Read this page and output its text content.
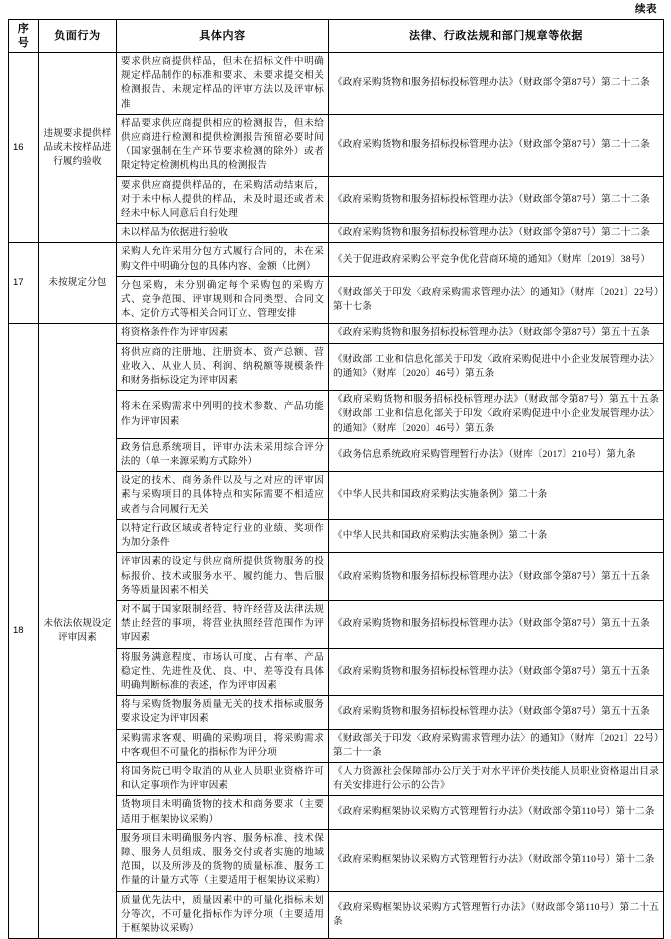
续表
序号	负面行为	具体内容	法律、行政法规和部门规章等依据
16	违规要求提供样品或未按样品进行履约验收	要求供应商提供样品，但未在招标文件中明确规定样品制作的标准和要求、未要求提交相关检测报告、未规定样品的评审方法以及评审标准	《政府采购货物和服务招标投标管理办法》（财政部令第87号）第二十二条
		样品要求供应商提供相应的检测报告，但未给供应商进行检测和提供检测报告预留必要时间（国家强制在生产环节要求检测的除外）或者限定特定检测机构出具的检测报告	《政府采购货物和服务招标投标管理办法》（财政部令第87号）第二十二条
		要求供应商提供样品的，在采购活动结束后，对于未中标人提供的样品，未及时退还或者未经未中标人同意后自行处理	《政府采购货物和服务招标投标管理办法》（财政部令第87号）第二十二条
		未以样品为依据进行验收	《政府采购货物和服务招标投标管理办法》（财政部令第87号）第二十二条
17	未按规定分包	采购人允许采用分包方式履行合同的，未在采购文件中明确分包的具体内容、金额（比例）	《关于促进政府采购公平竞争优化营商环境的通知》（财库〔2019〕38号）
		分包采购，未分别确定每个采购包的采购方式、竞争范围、评审规则和合同类型、合同文本、定价方式等相关合同订立、管理安排	《财政部关于印发〈政府采购需求管理办法〉的通知》（财库〔2021〕22号）第十七条
18	未依法依规设定评审因素	将资格条件作为评审因素	《政府采购货物和服务招标投标管理办法》（财政部令第87号）第五十五条
		将供应商的注册地、注册资本、资产总额、营业收入、从业人员、利润、纳税额等规模条件和财务指标设定为评审因素	《财政部 工业和信息化部关于印发〈政府采购促进中小企业发展管理办法〉的通知》（财库〔2020〕46号）第五条
		将未在采购需求中列明的技术参数、产品功能作为评审因素	《政府采购货物和服务招标投标管理办法》（财政部令第87号）第五十五条《财政部 工业和信息化部关于印发〈政府采购促进中小企业发展管理办法〉的通知》（财库〔2020〕46号）第五条
		政务信息系统项目，评审办法未采用综合评分法的（单一来源采购方式除外）	《政务信息系统政府采购管理暂行办法》（财库〔2017〕210号）第九条
		设定的技术、商务条件以及与之对应的评审因素与采购项目的具体特点和实际需要不相适应或者与合同履行无关	《中华人民共和国政府采购法实施条例》第二十条
		以特定行政区域或者特定行业的业绩、奖项作为加分条件	《中华人民共和国政府采购法实施条例》第二十条
		评审因素的设定与供应商所提供货物服务的投标报价、技术或服务水平、履约能力、售后服务等质量因素不相关	《政府采购货物和服务招标投标管理办法》（财政部令第87号）第五十五条
		对不属于国家限制经营、特许经营及法律法规禁止经营的事项，将营业执照经营范围作为评审因素	《政府采购货物和服务招标投标管理办法》（财政部令第87号）第五十五条
		将服务满意程度、市场认可度、占有率、产品稳定性、先进性及优、良、中、差等没有具体明确判断标准的表述，作为评审因素	《政府采购货物和服务招标投标管理办法》（财政部令第87号）第五十五条
		将与采购货物服务质量无关的技术指标或服务要求设定为评审因素	《政府采购货物和服务招标投标管理办法》（财政部令第87号）第五十五条
		采购需求客观、明确的采购项目，将采购需求中客观但不可量化的指标作为评分项	《财政部关于印发〈政府采购需求管理办法〉的通知》（财库〔2021〕22号）第二十一条
		将国务院已明令取消的从业人员职业资格许可和认定事项作为评审因素	《人力资源社会保障部办公厅关于对水平评价类技能人员职业资格退出目录有关安排进行公示的公告》
		货物项目未明确货物的技术和商务要求（主要适用于框架协议采购）	《政府采购框架协议采购方式管理暂行办法》（财政部令第110号）第十二条
		服务项目未明确服务内容、服务标准、技术保障、服务人员组成、服务交付或者实施的地域范围，以及所涉及的货物的质量标准、服务工作量的计量方式等（主要适用于框架协议采购）	《政府采购框架协议采购方式管理暂行办法》（财政部令第110号）第十二条
		质量优先法中，质量因素中的可量化指标未划分等次，不可量化指标作为评分项（主要适用于框架协议采购）	《政府采购框架协议采购方式管理暂行办法》（财政部令第110号）第二十五条
